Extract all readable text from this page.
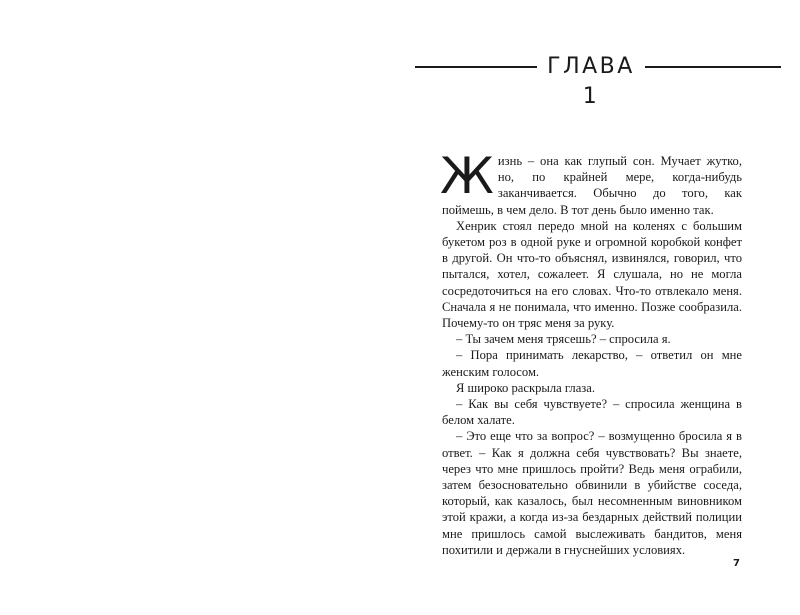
ГЛАВА 1

Жизнь – она как глупый сон. Мучает жутко, но, по крайней мере, когда-нибудь заканчивается. Обычно до того, как поймешь, в чем дело. В тот день было именно так.

Хенрик стоял передо мной на коленях с большим букетом роз в одной руке и огромной коробкой конфет в другой. Он что-то объяснял, извинялся, говорил, что пытался, хотел, сожалеет. Я слушала, но не могла сосредоточиться на его словах. Что-то отвлекало меня. Сначала я не понимала, что именно. Позже сообразила. Почему-то он тряс меня за руку.

– Ты зачем меня трясешь? – спросила я.

– Пора принимать лекарство, – ответил он мне женским голосом.

Я широко раскрыла глаза.

– Как вы себя чувствуете? – спросила женщина в белом халате.

– Это еще что за вопрос? – возмущенно бросила я в ответ. – Как я должна себя чувствовать? Вы знаете, через что мне пришлось пройти? Ведь меня ограбили, затем безосновательно обвинили в убийстве соседа, который, как казалось, был несомненным виновником этой кражи, а когда из-за бездарных действий полиции мне пришлось самой выслеживать бандитов, меня похитили и держали в гнуснейших условиях.

7
